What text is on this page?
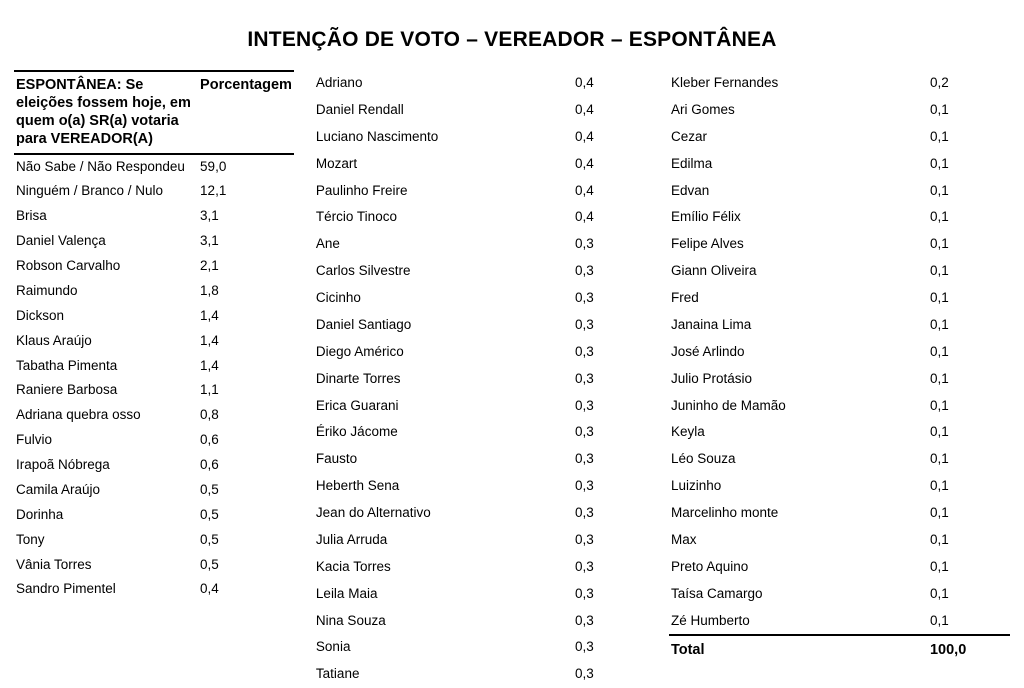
INTENÇÃO DE VOTO – VEREADOR – ESPONTÂNEA
ESPONTÂNEA: Se eleições fossem hoje, em quem o(a) SR(a) votaria para VEREADOR(A)	Porcentagem
Não Sabe / Não Respondeu	59,0
Ninguém / Branco / Nulo	12,1
Brisa	3,1
Daniel Valença	3,1
Robson Carvalho	2,1
Raimundo	1,8
Dickson	1,4
Klaus Araújo	1,4
Tabatha Pimenta	1,4
Raniere Barbosa	1,1
Adriana quebra osso	0,8
Fulvio	0,6
Irapoã Nóbrega	0,6
Camila Araújo	0,5
Dorinha	0,5
Tony	0,5
Vânia Torres	0,5
Sandro Pimentel	0,4
Adriano	0,4
Daniel Rendall	0,4
Luciano Nascimento	0,4
Mozart	0,4
Paulinho Freire	0,4
Tércio Tinoco	0,4
Ane	0,3
Carlos Silvestre	0,3
Cicinho	0,3
Daniel Santiago	0,3
Diego Américo	0,3
Dinarte Torres	0,3
Erica Guarani	0,3
Ériko Jácome	0,3
Fausto	0,3
Heberth Sena	0,3
Jean do Alternativo	0,3
Julia Arruda	0,3
Kacia Torres	0,3
Leila Maia	0,3
Nina Souza	0,3
Sonia	0,3
Tatiane	0,3
Kleber Fernandes	0,2
Ari Gomes	0,1
Cezar	0,1
Edilma	0,1
Edvan	0,1
Emílio Félix	0,1
Felipe Alves	0,1
Giann Oliveira	0,1
Fred	0,1
Janaina Lima	0,1
José Arlindo	0,1
Julio Protásio	0,1
Juninho de Mamão	0,1
Keyla	0,1
Léo Souza	0,1
Luizinho	0,1
Marcelinho monte	0,1
Max	0,1
Preto Aquino	0,1
Taísa Camargo	0,1
Zé Humberto	0,1
Total	100,0
